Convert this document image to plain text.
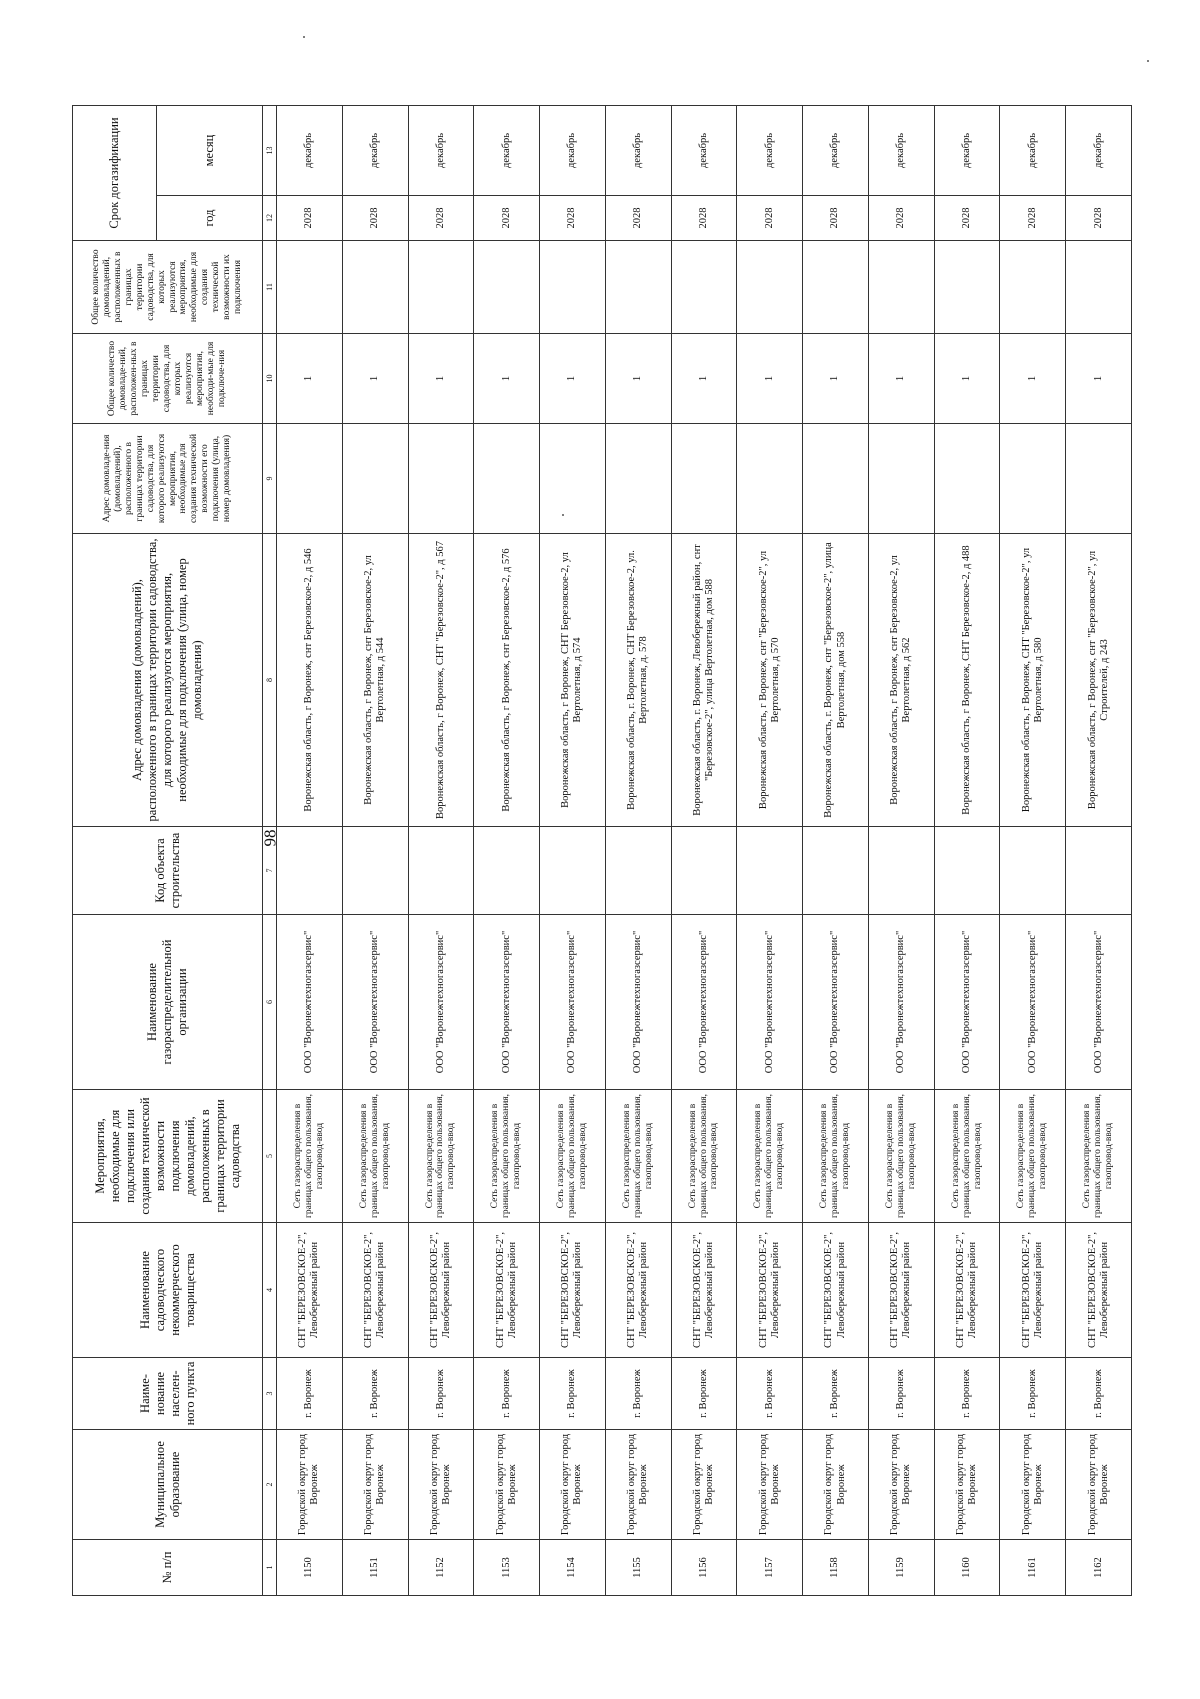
98
№ п/п	Муниципальное образование	Наиме-нование населен-ного пункта	Наименование садоводческого некоммерческого товарищества	Мероприятия, необходимые для подключения или создания технической возможности подключения домовладений, расположенных в границах территории садоводства	Наименование газораспределительной организации	Код объекта строительства	Адрес домовладения (домовладений), расположенного в границах территории садоводства, для которого реализуются мероприятия, необходимые для подключения (улица, номер домовладения)	Адрес домовладе-ния (домовладений), расположенного в границах территории садоводства, для которого реализуются мероприятия, необходимые для создания технической возможности его подключения (улица, номер домовладения)	Общее количество домовладе-ний, расположен-ных в границах территории садоводства, для которых реализуются мероприятия, необходи-мые для подключе-ния	Общее количество домовладений, расположенных в границах территории садоводства, для которых реализуются мероприятия, необходимые для создания технической возможности их подключения	Срок догазификации	
											год	месяц
1	2	3	4	5	6	7	8	9	10	11	12	13
1150	Городской округ город Воронеж	г. Воронеж	СНТ "БЕРЕЗОВСКОЕ-2", Левобережный район	Сеть газораспределения в границах общего пользования, газопровод-ввод	ООО "Воронежтехногазсервис"		Воронежская область, г Воронеж, снт Березовское-2, д 546		1		2028	декабрь
1151	Городской округ город Воронеж	г. Воронеж	СНТ "БЕРЕЗОВСКОЕ-2", Левобережный район	Сеть газораспределения в границах общего пользования, газопровод-ввод	ООО "Воронежтехногазсервис"		Воронежская область, г Воронеж, снт Березовское-2, ул Вертолетная, д 544		1		2028	декабрь
1152	Городской округ город Воронеж	г. Воронеж	СНТ "БЕРЕЗОВСКОЕ-2", Левобережный район	Сеть газораспределения в границах общего пользования, газопровод-ввод	ООО "Воронежтехногазсервис"		Воронежская область, г Воронеж, СНТ "Березовское-2", д 567		1		2028	декабрь
1153	Городской округ город Воронеж	г. Воронеж	СНТ "БЕРЕЗОВСКОЕ-2", Левобережный район	Сеть газораспределения в границах общего пользования, газопровод-ввод	ООО "Воронежтехногазсервис"		Воронежская область, г Воронеж, снт Березовское-2, д 576		1		2028	декабрь
1154	Городской округ город Воронеж	г. Воронеж	СНТ "БЕРЕЗОВСКОЕ-2", Левобережный район	Сеть газораспределения в границах общего пользования, газопровод-ввод	ООО "Воронежтехногазсервис"		Воронежская область, г Воронеж, СНТ Березовское-2, ул Вертолетная, д 574		1		2028	декабрь
1155	Городской округ город Воронеж	г. Воронеж	СНТ "БЕРЕЗОВСКОЕ-2", Левобережный район	Сеть газораспределения в границах общего пользования, газопровод-ввод	ООО "Воронежтехногазсервис"		Воронежская область, г. Воронеж, СНТ Березовское-2, ул. Вертолетная, д. 578		1		2028	декабрь
1156	Городской округ город Воронеж	г. Воронеж	СНТ "БЕРЕЗОВСКОЕ-2", Левобережный район	Сеть газораспределения в границах общего пользования, газопровод-ввод	ООО "Воронежтехногазсервис"		Воронежская область, г. Воронеж, Левобережный район, снт "Березовское-2", улица Вертолетная, дом 588		1		2028	декабрь
1157	Городской округ город Воронеж	г. Воронеж	СНТ "БЕРЕЗОВСКОЕ-2", Левобережный район	Сеть газораспределения в границах общего пользования, газопровод-ввод	ООО "Воронежтехногазсервис"		Воронежская область, г Воронеж, снт "Березовское-2", ул Вертолетная, д 570		1		2028	декабрь
1158	Городской округ город Воронеж	г. Воронеж	СНТ "БЕРЕЗОВСКОЕ-2", Левобережный район	Сеть газораспределения в границах общего пользования, газопровод-ввод	ООО "Воронежтехногазсервис"		Воронежская область, г. Воронеж, снт "Березовское-2", улица Вертолетная, дом 558		1		2028	декабрь
1159	Городской округ город Воронеж	г. Воронеж	СНТ "БЕРЕЗОВСКОЕ-2", Левобережный район	Сеть газораспределения в границах общего пользования, газопровод-ввод	ООО "Воронежтехногазсервис"		Воронежская область, г Воронеж, снт Березовское-2, ул Вертолетная, д 562		1		2028	декабрь
1160	Городской округ город Воронеж	г. Воронеж	СНТ "БЕРЕЗОВСКОЕ-2", Левобережный район	Сеть газораспределения в границах общего пользования, газопровод-ввод	ООО "Воронежтехногазсервис"		Воронежская область, г Воронеж, СНТ Березовское-2, д 488		1		2028	декабрь
1161	Городской округ город Воронеж	г. Воронеж	СНТ "БЕРЕЗОВСКОЕ-2", Левобережный район	Сеть газораспределения в границах общего пользования, газопровод-ввод	ООО "Воронежтехногазсервис"		Воронежская область, г Воронеж, СНТ "Березовское-2", ул Вертолетная, д 580		1		2028	декабрь
1162	Городской округ город Воронеж	г. Воронеж	СНТ "БЕРЕЗОВСКОЕ-2", Левобережный район	Сеть газораспределения в границах общего пользования, газопровод-ввод	ООО "Воронежтехногазсервис"		Воронежская область, г Воронеж, снт "Березовское-2", ул Строителей, д 243		1		2028	декабрь
